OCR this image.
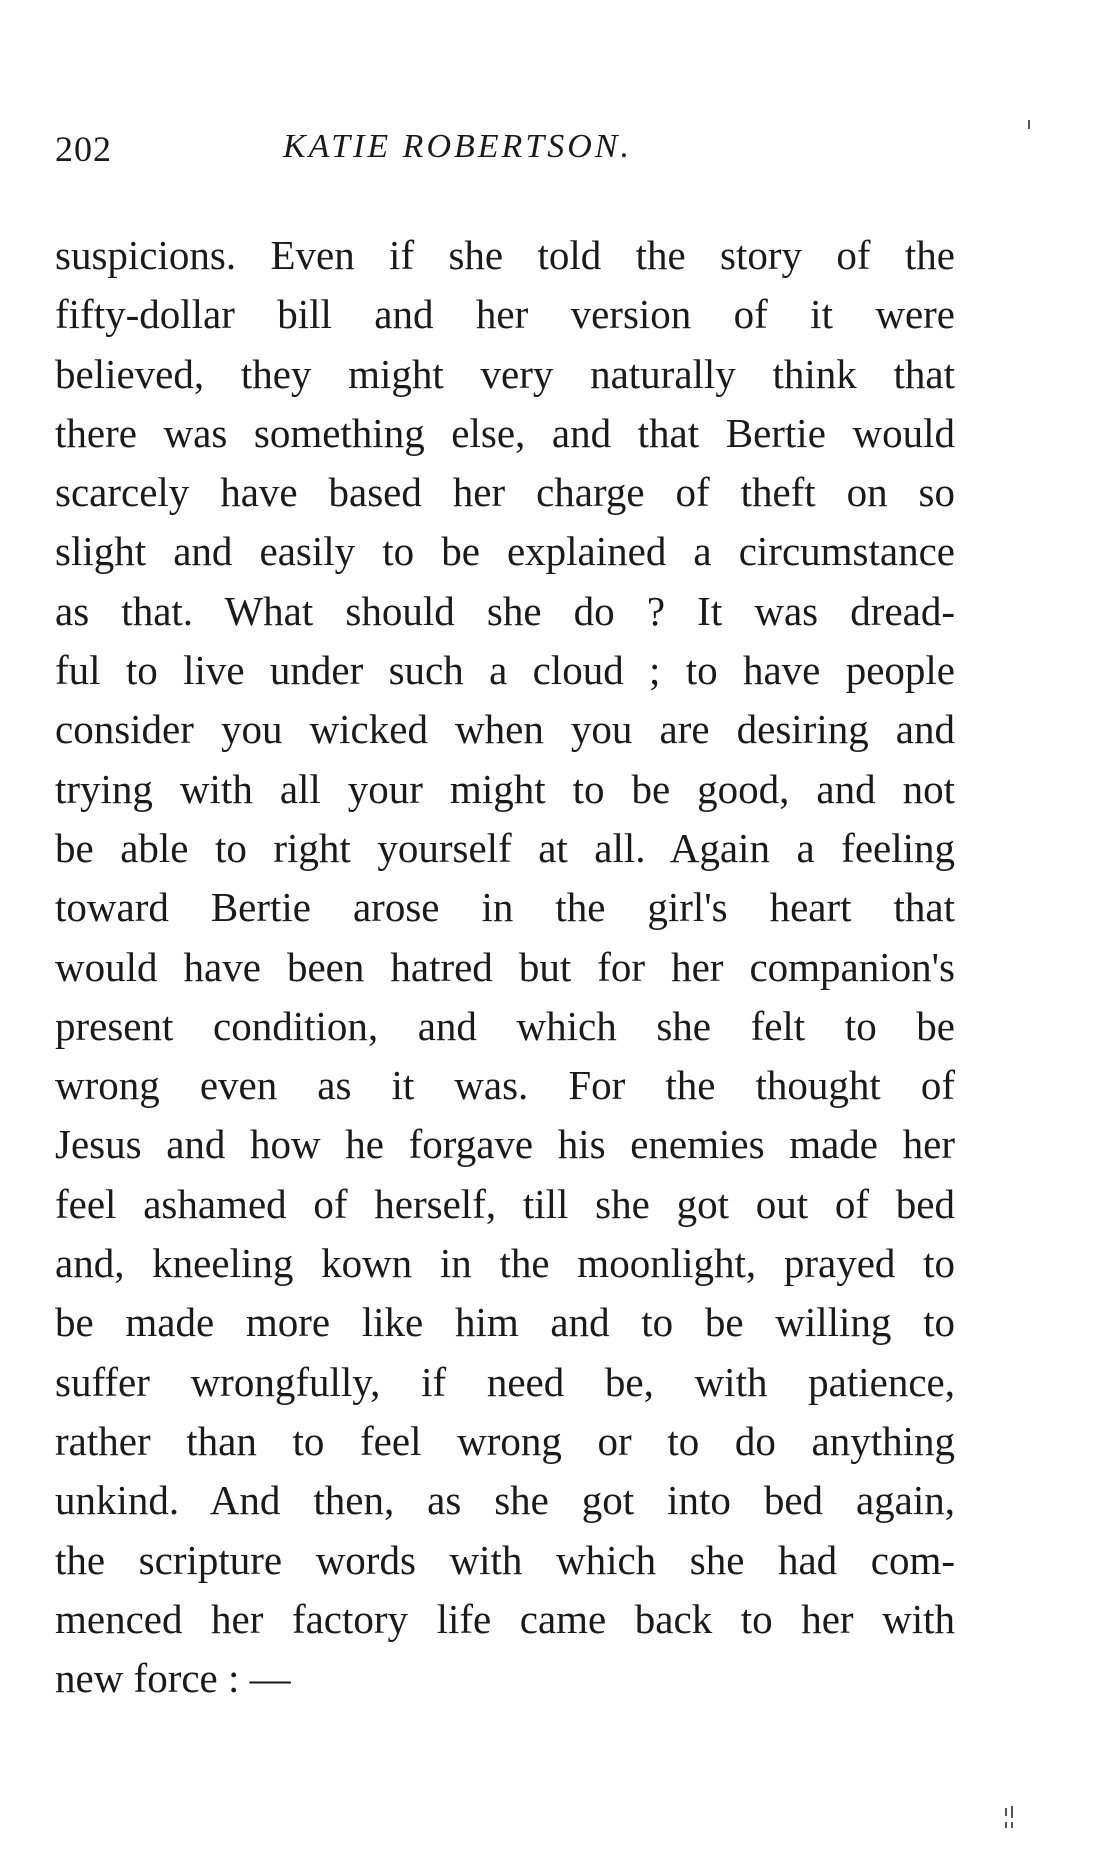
202	KATIE ROBERTSON.
suspicions. Even if she told the story of the
fifty-dollar bill and her version of it were
believed, they might very naturally think that
there was something else, and that Bertie would
scarcely have based her charge of theft on so
slight and easily to be explained a circumstance
as that. What should she do ? It was dread-
ful to live under such a cloud ; to have people
consider you wicked when you are desiring and
trying with all your might to be good, and not
be able to right yourself at all. Again a feeling
toward Bertie arose in the girl's heart that
would have been hatred but for her companion's
present condition, and which she felt to be
wrong even as it was. For the thought of
Jesus and how he forgave his enemies made her
feel ashamed of herself, till she got out of bed
and, kneeling kown in the moonlight, prayed to
be made more like him and to be willing to
suffer wrongfully, if need be, with patience,
rather than to feel wrong or to do anything
unkind. And then, as she got into bed again,
the scripture words with which she had com-
menced her factory life came back to her with
new force : —
